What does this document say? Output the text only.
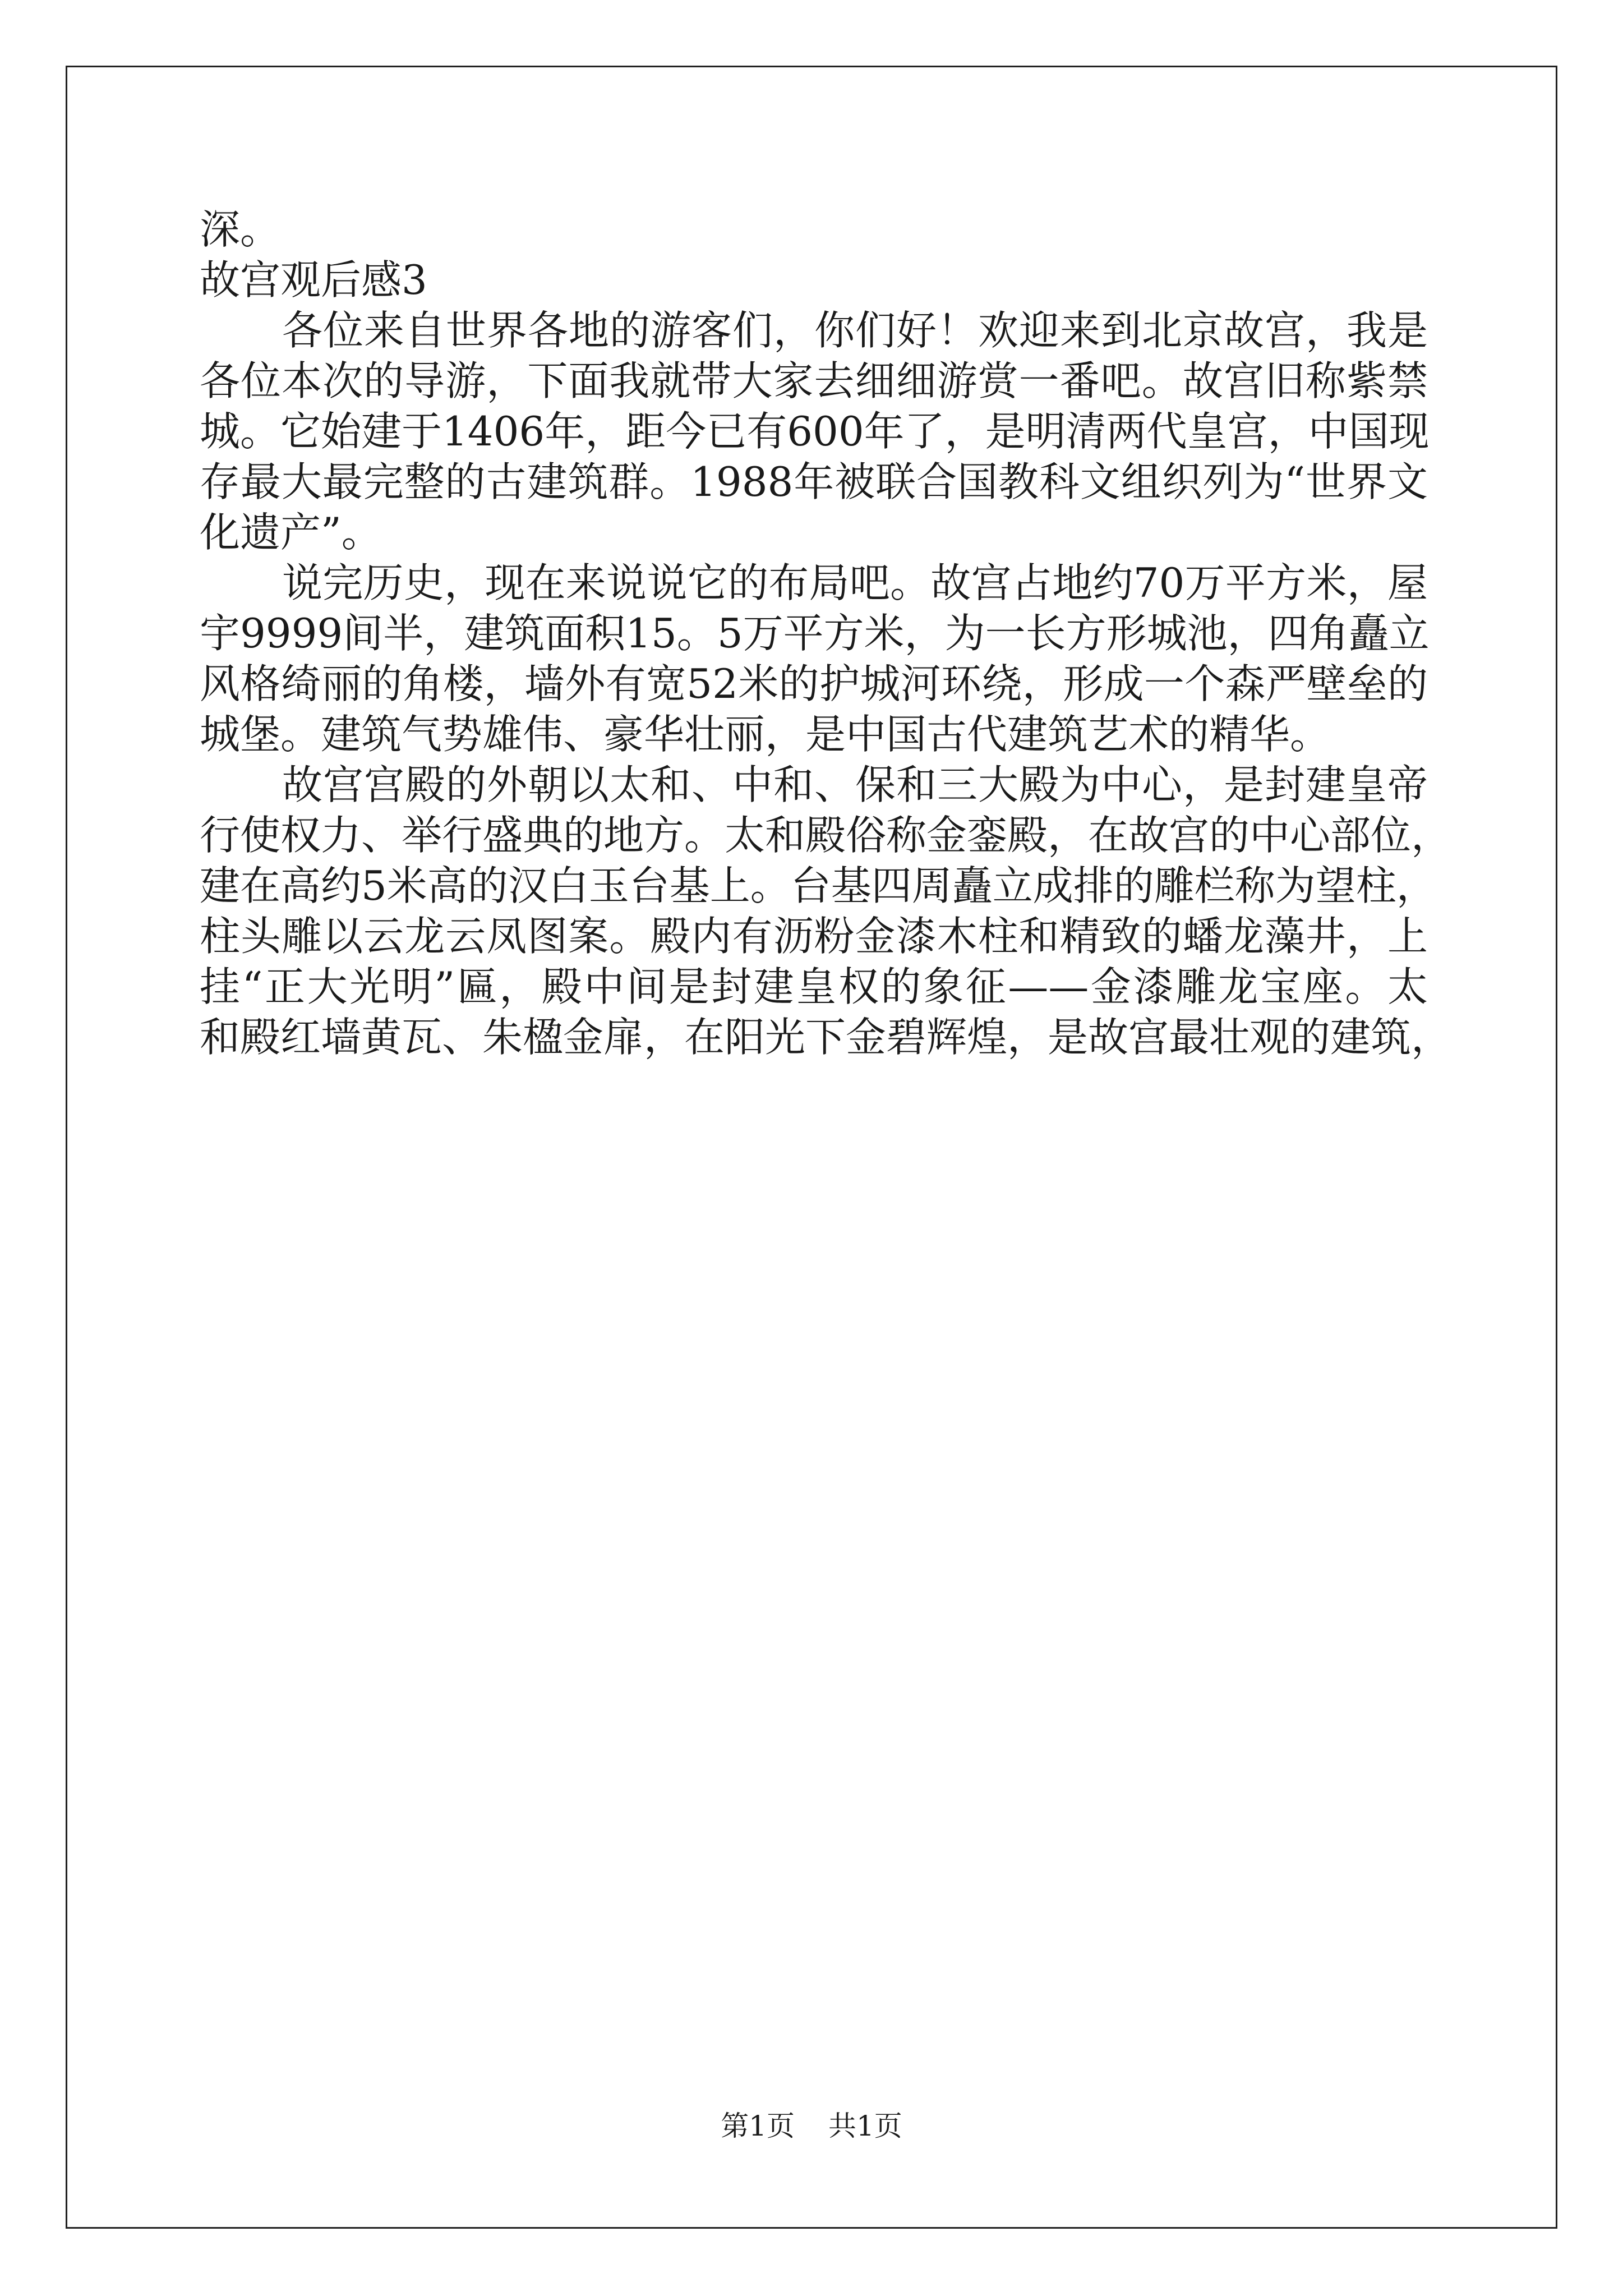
深。
故宫观后感3
各位来自世界各地的游客们，你们好！欢迎来到北京故宫，我是
各位本次的导游，下面我就带大家去细细游赏一番吧。故宫旧称紫禁
城。它始建于1406年，距今已有600年了，是明清两代皇宫，中国现
存最大最完整的古建筑群。1988年被联合国教科文组织列为“世界文
化遗产”。
说完历史，现在来说说它的布局吧。故宫占地约70万平方米，屋
宇9999间半，建筑面积15。5万平方米，为一长方形城池，四角矗立
风格绮丽的角楼，墙外有宽52米的护城河环绕，形成一个森严壁垒的
城堡。建筑气势雄伟、豪华壮丽，是中国古代建筑艺术的精华。
故宫宫殿的外朝以太和、中和、保和三大殿为中心，是封建皇帝
行使权力、举行盛典的地方。太和殿俗称金銮殿，在故宫的中心部位，
建在高约5米高的汉白玉台基上。台基四周矗立成排的雕栏称为望柱，
柱头雕以云龙云凤图案。殿内有沥粉金漆木柱和精致的蟠龙藻井，上
挂“正大光明”匾，殿中间是封建皇权的象征——金漆雕龙宝座。太
和殿红墙黄瓦、朱楹金扉，在阳光下金碧辉煌，是故宫最壮观的建筑，
第1页 共1页
